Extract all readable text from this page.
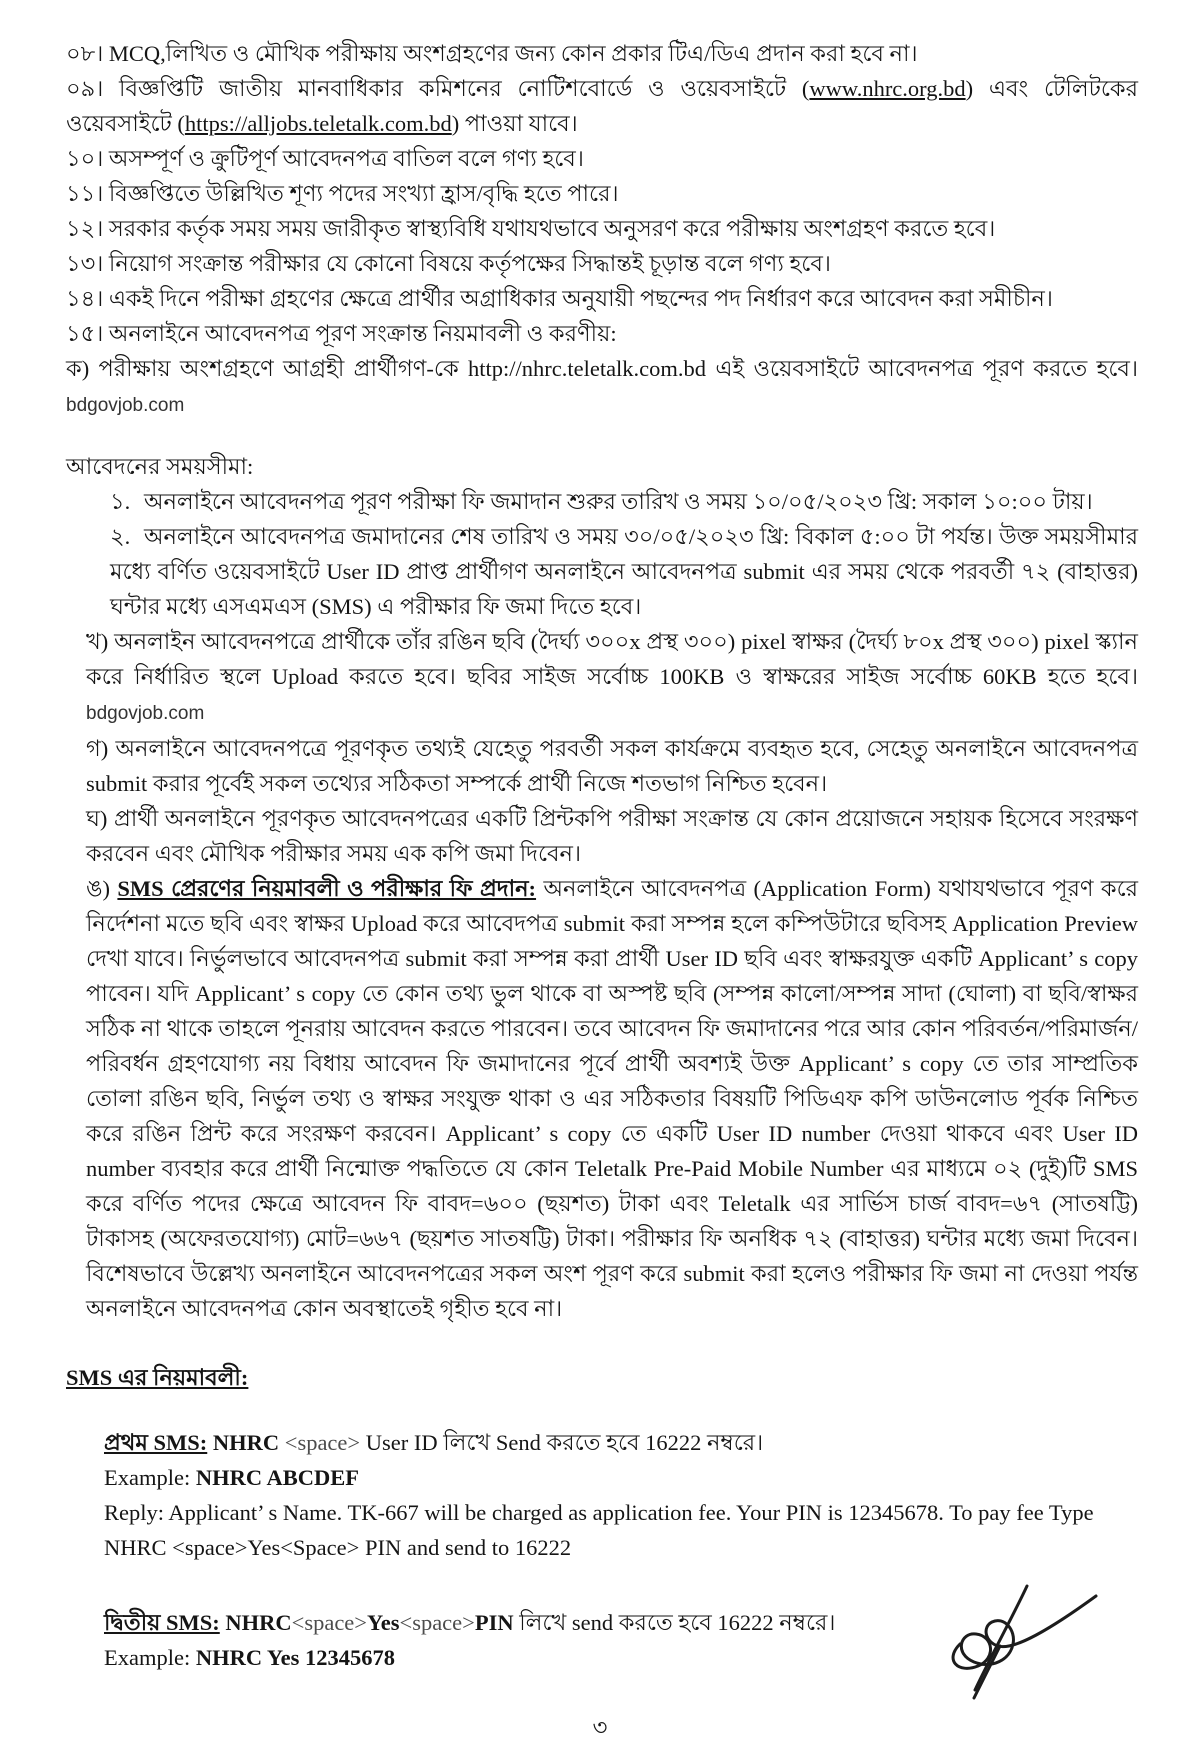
০৮। MCQ,লিখিত ও মৌখিক পরীক্ষায় অংশগ্রহণের জন্য কোন প্রকার টিএ/ডিএ প্রদান করা হবে না।

০৯। বিজ্ঞপ্তিটি জাতীয় মানবাধিকার কমিশনের নোটিশবোর্ডে ও ওয়েবসাইটে (www.nhrc.org.bd) এবং টেলিটকের ওয়েবসাইটে (https://alljobs.teletalk.com.bd) পাওয়া যাবে।

১০। অসম্পূর্ণ ও ক্রুটিপূর্ণ আবেদনপত্র বাতিল বলে গণ্য হবে।

১১। বিজ্ঞপ্তিতে উল্লিখিত শূণ্য পদের সংখ্যা হ্রাস/বৃদ্ধি হতে পারে।

১২। সরকার কর্তৃক সময় সময় জারীকৃত স্বাস্থ্যবিধি যথাযথভাবে অনুসরণ করে পরীক্ষায় অংশগ্রহণ করতে হবে।

১৩। নিয়োগ সংক্রান্ত পরীক্ষার যে কোনো বিষয়ে কর্তৃপক্ষের সিদ্ধান্তই চূড়ান্ত বলে গণ্য হবে।

১৪। একই দিনে পরীক্ষা গ্রহণের ক্ষেত্রে প্রার্থীর অগ্রাধিকার অনুযায়ী পছন্দের পদ নির্ধারণ করে আবেদন করা সমীচীন।

১৫। অনলাইনে আবেদনপত্র পূরণ সংক্রান্ত নিয়মাবলী ও করণীয়:

ক) পরীক্ষায় অংশগ্রহণে আগ্রহী প্রার্থীগণ-কে http://nhrc.teletalk.com.bd এই ওয়েবসাইটে আবেদনপত্র পূরণ করতে হবে। bdgovjob.com

আবেদনের সময়সীমা:

১. অনলাইনে আবেদনপত্র পূরণ পরীক্ষা ফি জমাদান শুরুর তারিখ ও সময় ১০/০৫/২০২৩ খ্রি: সকাল ১০:০০ টায়।
২. অনলাইনে আবেদনপত্র জমাদানের শেষ তারিখ ও সময় ৩০/০৫/২০২৩ খ্রি: বিকাল ৫:০০ টা পর্যন্ত। উক্ত সময়সীমার মধ্যে বর্ণিত ওয়েবসাইটে User ID প্রাপ্ত প্রার্থীগণ অনলাইনে আবেদনপত্র submit এর সময় থেকে পরবর্তী ৭২ (বাহাত্তর) ঘন্টার মধ্যে এসএমএস (SMS) এ পরীক্ষার ফি জমা দিতে হবে।

খ) অনলাইন আবেদনপত্রে প্রার্থীকে তাঁর রঙিন ছবি (দৈর্ঘ্য ৩০০x প্রস্থ ৩০০) pixel স্বাক্ষর (দৈর্ঘ্য ৮০x প্রস্থ ৩০০) pixel স্ক্যান করে নির্ধারিত স্থলে Upload করতে হবে। ছবির সাইজ সর্বোচ্চ 100KB ও স্বাক্ষরের সাইজ সর্বোচ্চ 60KB হতে হবে। bdgovjob.com

গ) অনলাইনে আবেদনপত্রে পূরণকৃত তথ্যই যেহেতু পরবর্তী সকল কার্যক্রমে ব্যবহৃত হবে, সেহেতু অনলাইনে আবেদনপত্র submit করার পূর্বেই সকল তথ্যের সঠিকতা সম্পর্কে প্রার্থী নিজে শতভাগ নিশ্চিত হবেন।

ঘ) প্রার্থী অনলাইনে পূরণকৃত আবেদনপত্রের একটি প্রিন্টকপি পরীক্ষা সংক্রান্ত যে কোন প্রয়োজনে সহায়ক হিসেবে সংরক্ষণ করবেন এবং মৌখিক পরীক্ষার সময় এক কপি জমা দিবেন।

ঙ) SMS প্রেরণের নিয়মাবলী ও পরীক্ষার ফি প্রদান: অনলাইনে আবেদনপত্র (Application Form) যথাযথভাবে পূরণ করে নির্দেশনা মতে ছবি এবং স্বাক্ষর Upload করে আবেদপত্র submit করা সম্পন্ন হলে কম্পিউটারে ছবিসহ Application Preview দেখা যাবে। নির্ভুলভাবে আবেদনপত্র submit করা সম্পন্ন করা প্রার্থী User ID ছবি এবং স্বাক্ষরযুক্ত একটি Applicant’ s copy পাবেন। যদি Applicant’ s copy তে কোন তথ্য ভুল থাকে বা অস্পষ্ট ছবি (সম্পন্ন কালো/সম্পন্ন সাদা (ঘোলা) বা ছবি/স্বাক্ষর সঠিক না থাকে তাহলে পূনরায় আবেদন করতে পারবেন। তবে আবেদন ফি জমাদানের পরে আর কোন পরিবর্তন/পরিমার্জন/পরিবর্ধন গ্রহণযোগ্য নয় বিধায় আবেদন ফি জমাদানের পূর্বে প্রার্থী অবশ্যই উক্ত Applicant’ s copy তে তার সাম্প্রতিক তোলা রঙিন ছবি, নির্ভুল তথ্য ও স্বাক্ষর সংযুক্ত থাকা ও এর সঠিকতার বিষয়টি পিডিএফ কপি ডাউনলোড পূর্বক নিশ্চিত করে রঙিন প্রিন্ট করে সংরক্ষণ করবেন। Applicant’ s copy তে একটি User ID number দেওয়া থাকবে এবং User ID number ব্যবহার করে প্রার্থী নিন্মোক্ত পদ্ধতিতে যে কোন Teletalk Pre-Paid Mobile Number এর মাধ্যমে ০২ (দুই)টি SMS করে বর্ণিত পদের ক্ষেত্রে আবেদন ফি বাবদ=৬০০ (ছয়শত) টাকা এবং Teletalk এর সার্ভিস চার্জ বাবদ=৬৭ (সাতষট্টি) টাকাসহ (অফেরতযোগ্য) মোট=৬৬৭ (ছয়শত সাতষট্টি) টাকা। পরীক্ষার ফি অনধিক ৭২ (বাহাত্তর) ঘন্টার মধ্যে জমা দিবেন। বিশেষভাবে উল্লেখ্য অনলাইনে আবেদনপত্রের সকল অংশ পূরণ করে submit করা হলেও পরীক্ষার ফি জমা না দেওয়া পর্যন্ত অনলাইনে আবেদনপত্র কোন অবস্থাতেই গৃহীত হবে না।

SMS এর নিয়মাবলী:

প্রথম SMS: NHRC <space> User ID লিখে Send করতে হবে 16222 নম্বরে।

Example: NHRC ABCDEF

Reply: Applicant’ s Name. TK-667 will be charged as application fee. Your PIN is 12345678. To pay fee Type NHRC <space>Yes<Space> PIN and send to 16222

দ্বিতীয় SMS: NHRC<space>Yes<space>PIN লিখে send করতে হবে 16222 নম্বরে।

Example: NHRC Yes 12345678

৩
